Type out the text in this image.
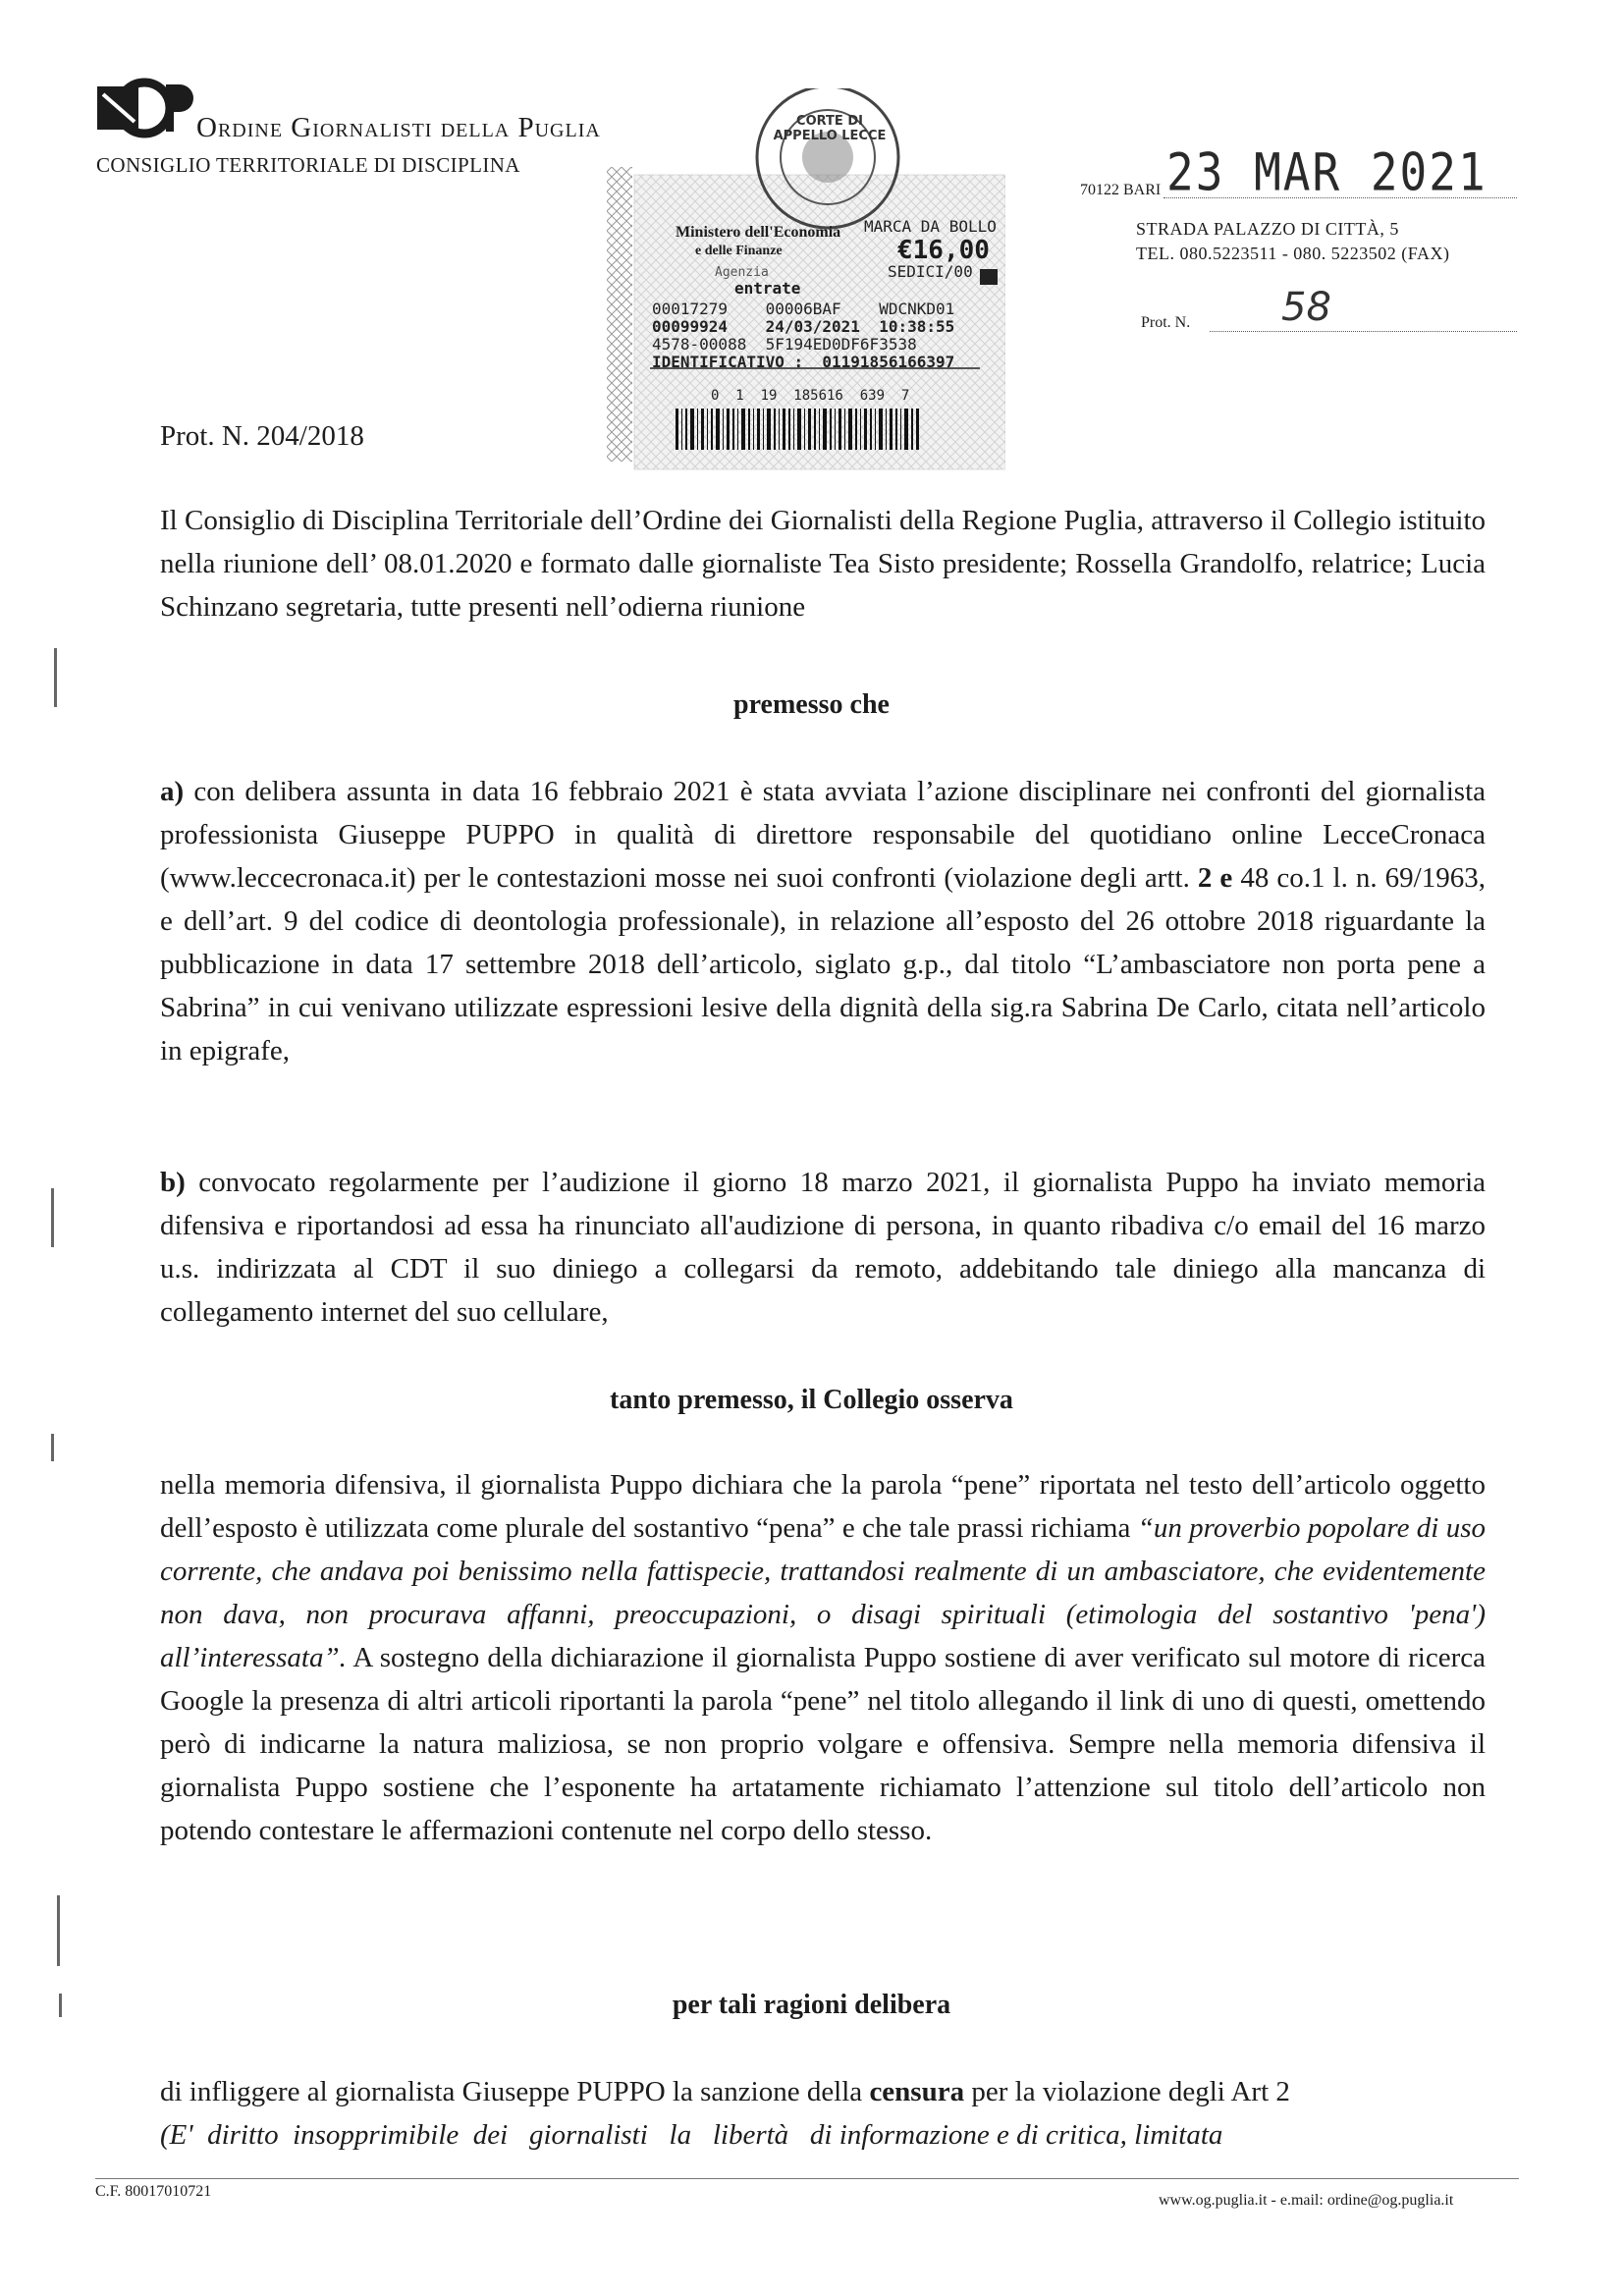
Ordine Giornalisti della Puglia
CONSIGLIO TERRITORIALE DI DISCIPLINA
CORTE DI APPELLO LECCE
Ministero dell'Economia
e delle Finanze
MARCA DA BOLLO
€16,00
SEDICI/00
Agenzia
entrate
00017279    00006BAF    WDCNKD01
00099924    24/03/2021  10:38:55
4578-00088  5F194ED0DF6F3538
IDENTIFICATIVO :  01191856166397
0  1  19  185616  639  7
70122 BARI 23 MAR 2021
STRADA PALAZZO DI CITTÀ, 5
TEL. 080.5223511 - 080. 5223502 (FAX)
Prot. N. 58
Prot. N. 204/2018
Il Consiglio di Disciplina Territoriale dell’Ordine dei Giornalisti della Regione Puglia, attraverso il Collegio istituito nella riunione dell’ 08.01.2020 e formato dalle giornaliste Tea Sisto presidente; Rossella Grandolfo, relatrice; Lucia Schinzano segretaria, tutte presenti nell’odierna riunione
premesso che
a) con delibera assunta in data 16 febbraio 2021 è stata avviata l’azione disciplinare nei confronti del giornalista professionista Giuseppe PUPPO in qualità di direttore responsabile del quotidiano online LecceCronaca (www.leccecronaca.it) per le contestazioni mosse nei suoi confronti (violazione degli artt. 2 e 48 co.1 l. n. 69/1963, e dell’art. 9 del codice di deontologia professionale), in relazione all’esposto del 26 ottobre 2018 riguardante la pubblicazione in data 17 settembre 2018 dell’articolo, siglato g.p., dal titolo “L’ambasciatore non porta pene a Sabrina” in cui venivano utilizzate espressioni lesive della dignità della sig.ra Sabrina De Carlo, citata nell’articolo in epigrafe,
b) convocato regolarmente per l’audizione il giorno 18 marzo 2021, il giornalista Puppo ha inviato memoria difensiva e riportandosi ad essa ha rinunciato all'audizione di persona, in quanto ribadiva c/o email del 16 marzo u.s. indirizzata al CDT il suo diniego a collegarsi da remoto, addebitando tale diniego alla mancanza di collegamento internet del suo cellulare,
tanto premesso, il Collegio osserva
nella memoria difensiva, il giornalista Puppo dichiara che la parola “pene” riportata nel testo dell’articolo oggetto dell’esposto è utilizzata come plurale del sostantivo “pena” e che tale prassi richiama “un proverbio popolare di uso corrente, che andava poi benissimo nella fattispecie, trattandosi realmente di un ambasciatore, che evidentemente non dava, non procurava affanni, preoccupazioni, o disagi spirituali (etimologia del sostantivo 'pena') all’interessata”. A sostegno della dichiarazione il giornalista Puppo sostiene di aver verificato sul motore di ricerca Google la presenza di altri articoli riportanti la parola “pene” nel titolo allegando il link di uno di questi, omettendo però di indicarne la natura maliziosa, se non proprio volgare e offensiva. Sempre nella memoria difensiva il giornalista Puppo sostiene che l’esponente ha artatamente richiamato l’attenzione sul titolo dell’articolo non potendo contestare le affermazioni contenute nel corpo dello stesso.
per tali ragioni delibera
di infliggere al giornalista Giuseppe PUPPO la sanzione della censura per la violazione degli Art 2
(E'  diritto  insopprimibile  dei   giornalisti   la   libertà   di informazione e di critica, limitata
C.F. 80017010721
www.og.puglia.it - e.mail: ordine@og.puglia.it
